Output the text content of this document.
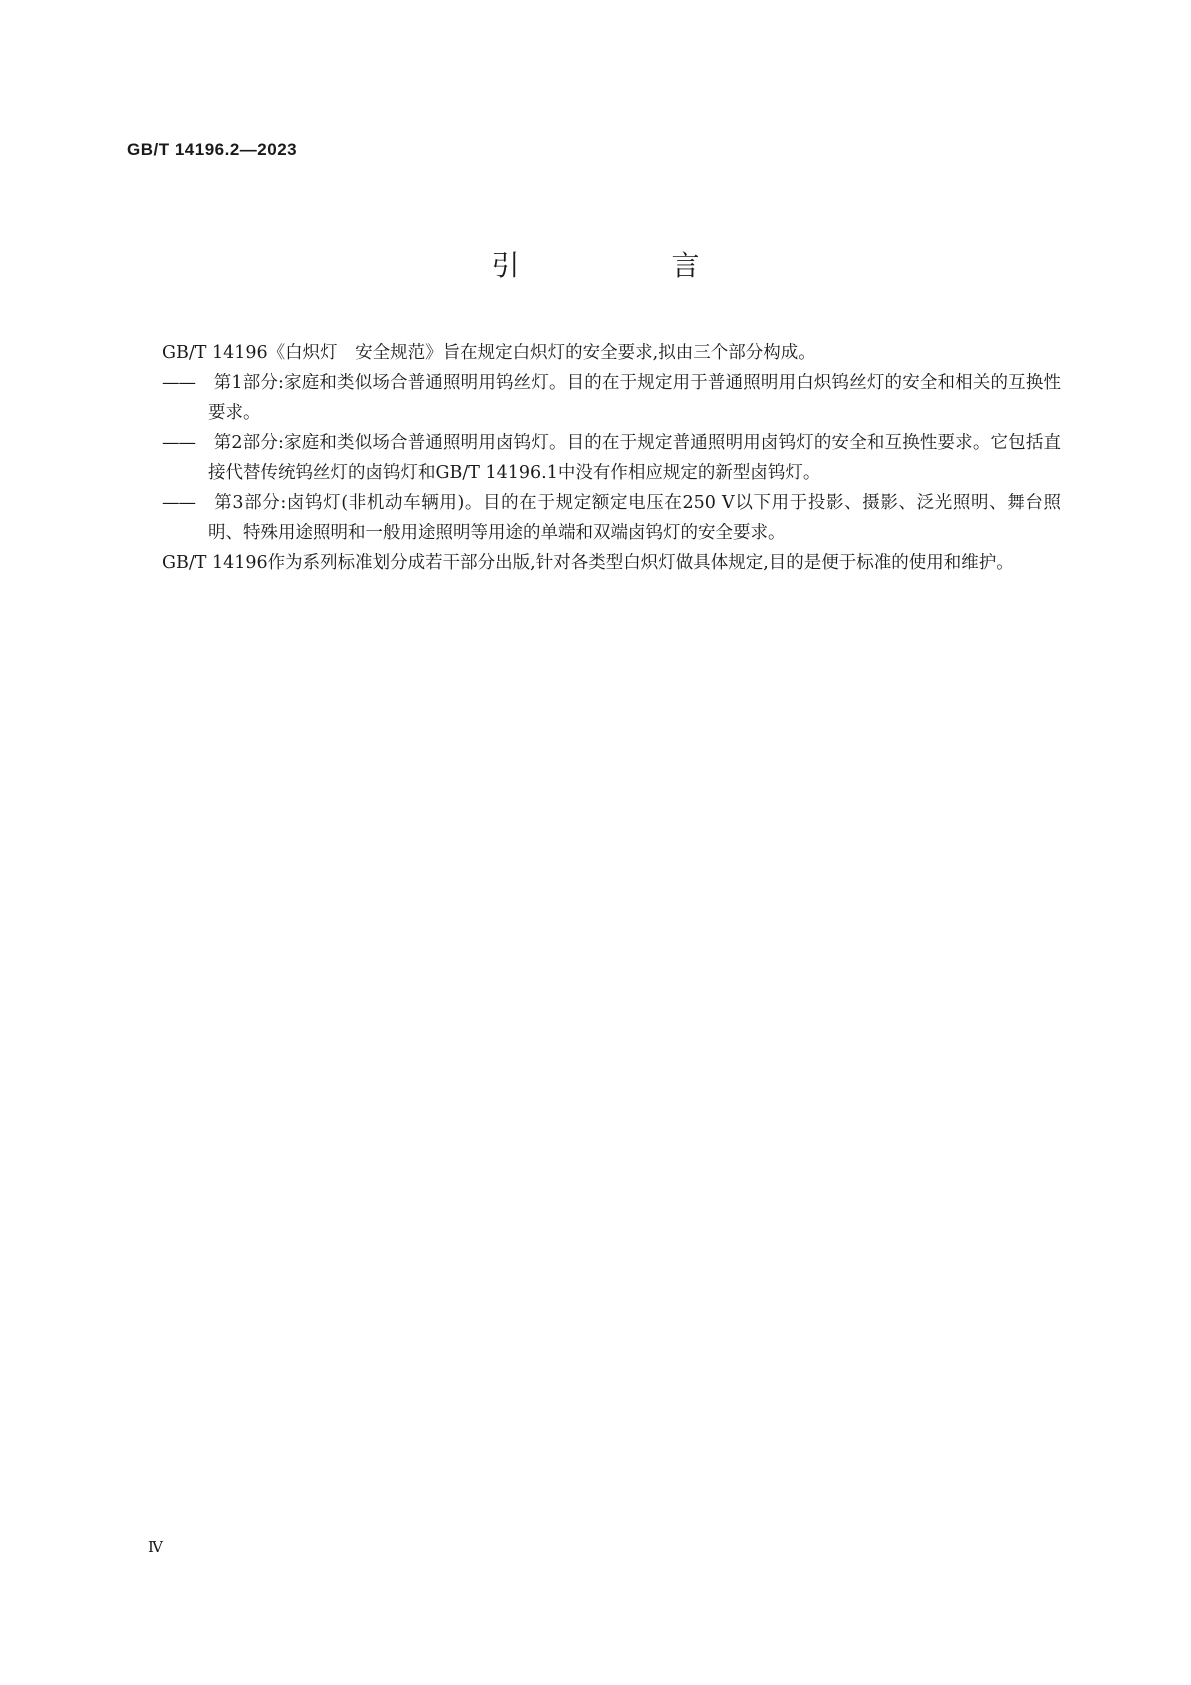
GB/T 14196.2—2023
引　言

GB/T 14196《白炽灯　安全规范》旨在规定白炽灯的安全要求,拟由三个部分构成。

—— 第1部分:家庭和类似场合普通照明用钨丝灯。目的在于规定用于普通照明用白炽钨丝灯的安全和相关的互换性要求。

—— 第2部分:家庭和类似场合普通照明用卤钨灯。目的在于规定普通照明用卤钨灯的安全和互换性要求。它包括直接代替传统钨丝灯的卤钨灯和GB/T 14196.1中没有作相应规定的新型卤钨灯。

—— 第3部分:卤钨灯(非机动车辆用)。目的在于规定额定电压在250 V以下用于投影、摄影、泛光照明、舞台照明、特殊用途照明和一般用途照明等用途的单端和双端卤钨灯的安全要求。

GB/T 14196作为系列标准划分成若干部分出版,针对各类型白炽灯做具体规定,目的是便于标准的使用和维护。

Ⅳ
